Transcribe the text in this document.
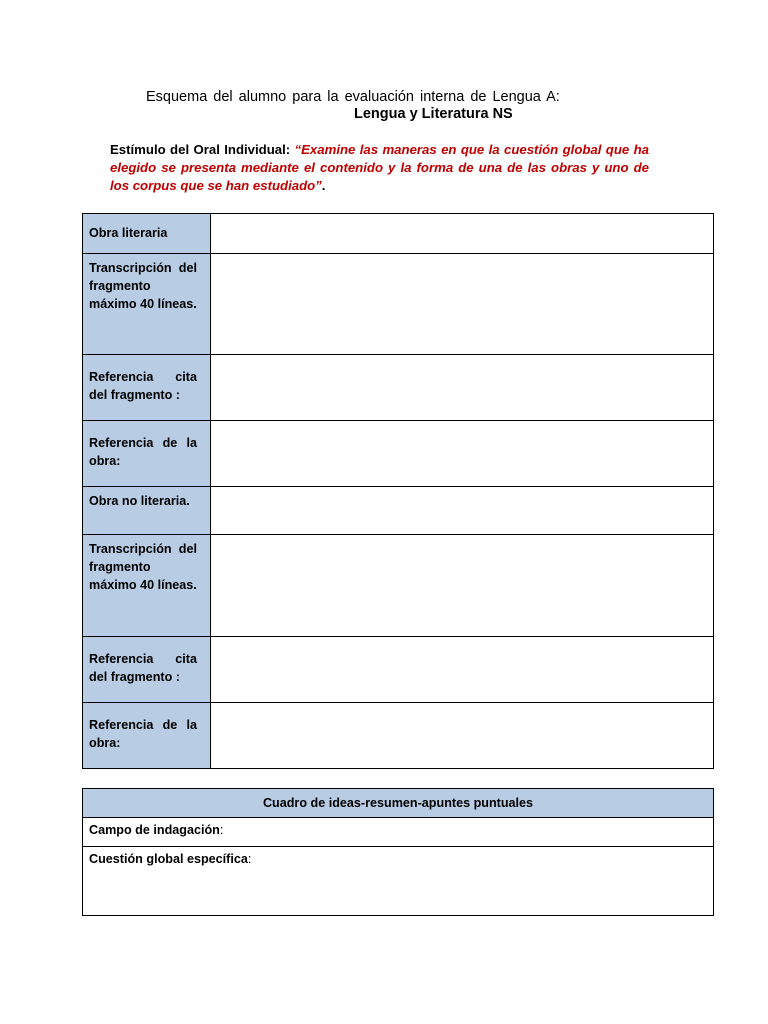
Esquema del alumno para la evaluación interna de Lengua A:
Lengua y Literatura NS
Estímulo del Oral Individual: “Examine las maneras en que la cuestión global que ha elegido se presenta mediante el contenido y la forma de una de las obras y uno de los corpus que se han estudiado”.
Obra literaria	

Transcripción del fragmento máximo 40 líneas.	

Referencia cita del fragmento :	

Referencia de la obra:	

Obra no literaria.	

Transcripción del fragmento máximo 40 líneas.	

Referencia cita del fragmento :	

Referencia de la obra:	

Cuadro de ideas-resumen-apuntes puntuales
Campo de indagación:
Cuestión global específica:
